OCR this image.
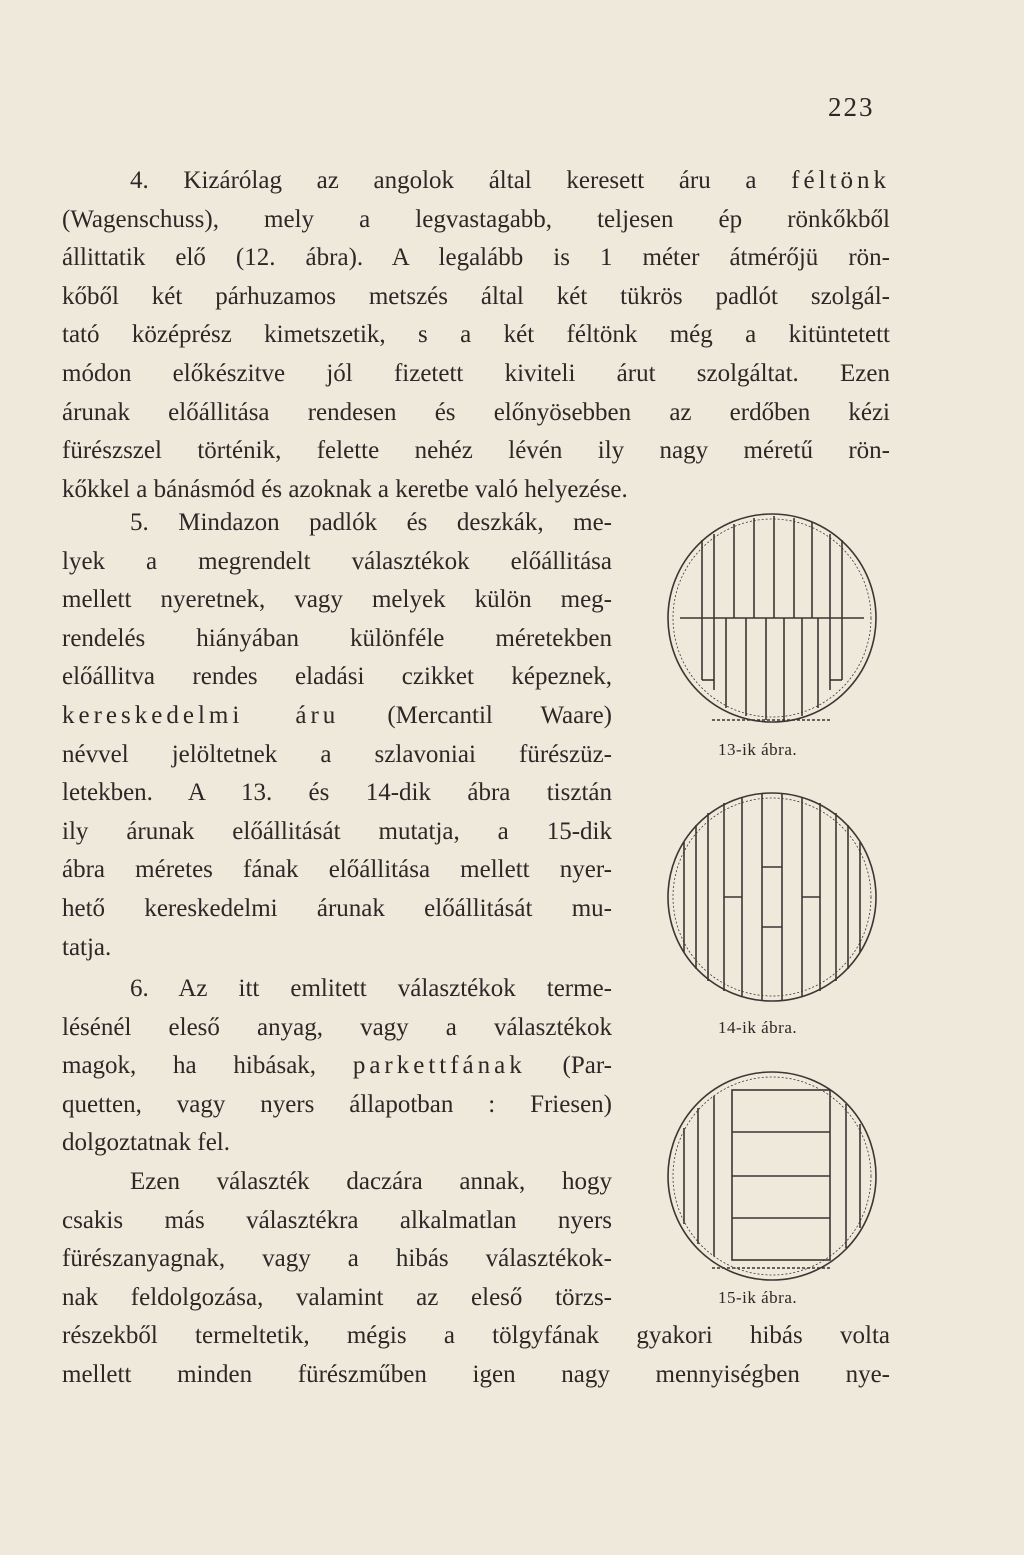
223
4. Kizárólag az angolok által keresett áru a féltönk
(Wagenschuss), mely a legvastagabb, teljesen ép rönkőkből
állittatik elő (12. ábra). A legalább is 1 méter átmérőjü rön-
kőből két párhuzamos metszés által két tükrös padlót szolgál-
tató középrész kimetszetik, s a két féltönk még a kitüntetett
módon előkészitve jól fizetett kiviteli árut szolgáltat. Ezen
árunak előállitása rendesen és előnyösebben az erdőben kézi
fürészszel történik, felette nehéz lévén ily nagy méretű rön-
kőkkel a bánásmód és azoknak a keretbe való helyezése.
5. Mindazon padlók és deszkák, me-
lyek a megrendelt választékok előállitása
mellett nyeretnek, vagy melyek külön meg-
rendelés hiányában különféle méretekben
előállitva rendes eladási czikket képeznek,
kereskedelmi áru (Mercantil Waare)
névvel jelöltetnek a szlavoniai fürészüz-
letekben. A 13. és 14-dik ábra tisztán
ily árunak előállitását mutatja, a 15-dik
ábra méretes fának előállitása mellett nyer-
hető kereskedelmi árunak előállitását mu-
tatja.
6. Az itt emlitett választékok terme-
lésénél eleső anyag, vagy a választékok
magok, ha hibásak, parkettfának (Par-
quetten, vagy nyers állapotban : Friesen)
dolgoztatnak fel.
Ezen választék daczára annak, hogy
csakis más választékra alkalmatlan nyers
fürészanyagnak, vagy a hibás választékok-
nak feldolgozása, valamint az eleső törzs-
részekből termeltetik, mégis a tölgyfának gyakori hibás volta
mellett minden fürészműben igen nagy mennyiségben nye-
13-ik ábra.
14-ik ábra.
15-ik ábra.
